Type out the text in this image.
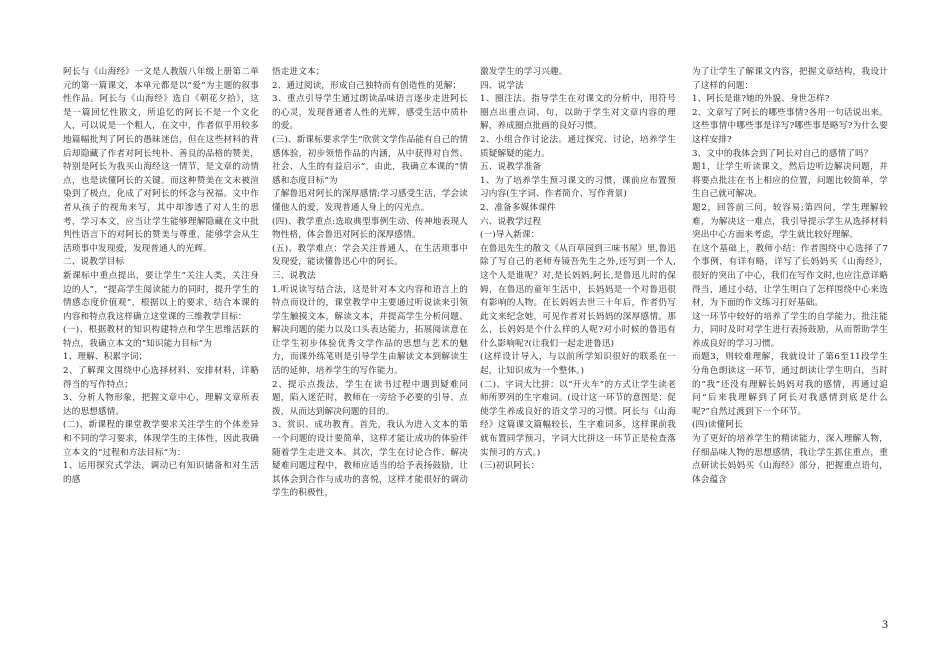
阿长与《山海经》一文是人教版八年级上册第二单元的第一篇课文，本单元都是以“爱”为主题的叙事性作品。阿长与《山海经》选自《朝花夕拾》，这是一篇回忆性散文，所追忆的阿长不是一个文化人，可以说是一个粗人，在文中，作者似乎用较多地篇幅批判了阿长的愚昧迷信，但在这些材料的背后却隐藏了作者对阿长纯朴、善良的品格的赞美，特别是阿长为我买山海经这一情节，是文章的动情点，也是读懂阿长的关键。而这种赞美在文末被渲染到了极点，化成了对阿长的怀念与祝福。文中作者从孩子的视角来写，其中却渗透了对人生的思考，学习本文，应当让学生能够理解隐藏在文中批判性语言下的对阿长的赞美与尊重，能够学会从生活琐事中发现爱，发现普通人的光辉。

二、说教学目标

新课标中重点提出，要让学生“关注人类，关注身边的人”，“提高学生阅读能力的同时，提升学生的情感态度价值观”，根据以上的要求，结合本课的内容和特点我这样确立这堂课的三维教学目标：

(一)、根据教材的知识构建特点和学生思维活跃的特点，我确立本文的“知识能力目标”为

1、理解、积累字词；

2、了解课文围绕中心选择材料、安排材料，详略得当的写作特点；

3、分析人物形象，把握文章中心，理解文章所表达的思想感情。

(二)、新课程的课堂教学要求关注学生的个体差异和不同的学习要求，体现学生的主体性，因此我确立本文的“过程和方法目标”为：

1、运用探究式学法，调动已有知识储备和对生活的感

悟走进文本；

2、通过阅读，形成自己独特而有创造性的见解；

3、重点引导学生通过朗读品味语言逐步走进阿长的心灵，发现普通者人性的光辉，感受生活中质朴的爱。

(三)、新课标要求学生“欣赏文学作品能有自己的情感体验，初步领悟作品的内涵，从中获得对自然、社会、人生的有益启示”，由此，我确立本课的“情感和态度目标”为

了解鲁迅对阿长的深厚感情;学习感受生活，学会读懂他人的爱，发现普通人身上的闪光点。

(四)、教学重点:选取典型事例生动、传神地表现人物性格，体会鲁迅对阿长的深厚感情。

(五)、教学难点：学会关注普通人，在生活琐事中发现爱，能读懂鲁迅心中的阿长。

三、说教法

1.听说读写结合法，这是针对本文内容和语言上的特点而设计的，课堂教学中主要通过听说读来引领学生触摸文本，解读文本，并提高学生分析问题、解决问题的能力以及口头表达能力，拓展阅读意在让学生初步体验优秀文学作品的思想与艺术的魅力，而课外练笔则是引导学生由解读文本到解读生活的延伸，培养学生的写作能力。

2、提示点拨法，学生在读书过程中遇到疑难问题，陷入迷茫时，教师在一旁给予必要的引导、点拨，从而达到解决问题的目的。

3、赏识、成功教育。首先，我认为进入文本的第一个问题的设计要简单，这样才能让成功的体验伴随着学生走进文本。其次，学生在讨论合作、解决疑难问题过程中，教师应适当的给予表扬鼓励，让其体会到合作与成功的喜悦，这样才能很好的调动学生的积极性，

激发学生的学习兴趣。

四、说学法

1、圈注法。指导学生在对课文的分析中，用符号圈点出重点词、句，以助于学生对文章内容的理解，养成圈点批画的良好习惯。

2、小组合作讨论法。通过探究、讨论，培养学生质疑解疑的能力。

五、说教学准备

1、为了培养学生预习课文的习惯，课前应布置预习内容(生字词、作者简介、写作背景)

2、准备多媒体课件

六、说教学过程

(一)导入新课：

在鲁迅先生的散文《从百草园到三味书屋》里,鲁迅除了写自己的老师寿镜吾先生之外,还写到一个人,这个人是谁呢？对,是长妈妈,阿长,是鲁迅儿时的保姆，在鲁迅的童年生活中，长妈妈是一个对鲁迅很有影响的人物。在长妈妈去世三十年后，作者仍写此文来纪念她，可见作者对长妈妈的深厚感情。那么，长妈妈是个什么样的人呢?对小时候的鲁迅有什么影响呢?(让我们一起走进鲁迅)

(这样设计导入，与以前所学知识很好的联系在一起，让知识成为一个整体。)

(二)、字词大比拼：以“开火车”的方式让学生读老师所罗列的生字难词。(设计这一环节的意图是：促使学生养成良好的语文学习的习惯。阿长与《山海经》这篇课文篇幅较长，生字难词多，这样课前我就布置同学预习，字词大比拼这一环节正是检查落实预习的方式。)

(三)初识阿长：

为了让学生了解课文内容，把握文章结构，我设计了这样的问题：

1、阿长是谁?她的外貌、身世怎样?

2、文章写了阿长的哪些事情?各用一句话说出来。这些事情中哪些事是详写?哪些事是略写?为什么要这样安排?

3、文中的我体会到了阿长对自己的感情了吗？

题1，让学生听读课文，然后边听边解决问题，并将要点批注在书上相应的位置，问题比较简单，学生自己就可解决。

题2，回答前三问，较容易;第四问，学生理解较难，为解决这一难点，我引导提示学生从选择材料突出中心方面来考虑，学生就比较好理解。

在这个基础上，教师小结：作者围绕中心选择了7个事例，有详有略，详写了长妈妈买《山海经》，很好的突出了中心，我们在写作文时,也应注意详略得当，通过小结，让学生明白了怎样围绕中心来选材，为下面的作文练习打好基础。

这一环节中较好的培养了学生的自学能力，批注能力，同时及时对学生进行表扬鼓励，从而帮助学生养成良好的学习习惯。

而题3，则较难理解，我就设计了第6至11段学生分角色朗读这一环节，通过朗读让学生明白，当时的“我”还没有理解长妈妈对我的感情，再通过追问“后来我理解到了阿长对我感情到底是什么呢?”自然过渡到下一个环节。

(四)读懂阿长

为了更好的培养学生的精读能力，深入理解人物，仔细品味人物的思想感情，我让学生抓住重点，重点研读长妈妈买《山海经》部分，把握重点语句，体会蕴含

3
